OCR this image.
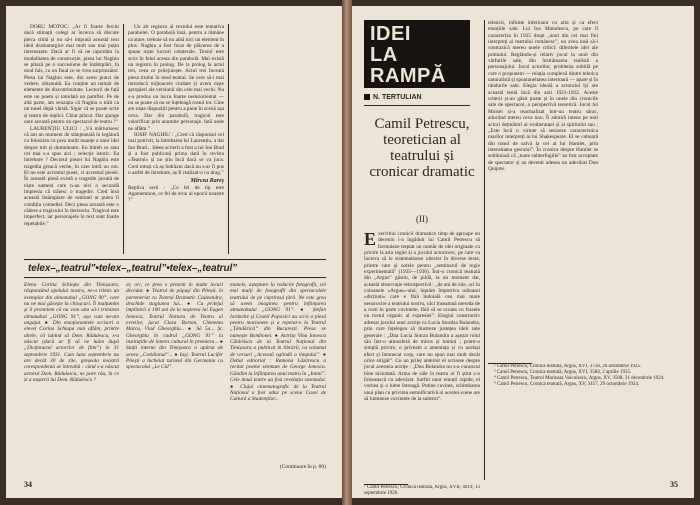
DORU MOTOC: „Ar fi foarte ferciti dacă stimații colegi ar încerca să discute pieca citită și nu să-i impună această text ideii dramaturgice mai mult sau mai puțin interesante. Dacă ar fi să ne raportăm la modalitatea de construcție, piesa lui Naghiu se pliază pe o succesiune de întâmplări, în mod fals, cu un final ce se vrea surprinzător. Piesa lui Naghiu este, din acest punct de vedere, obișnuită. Ea conține un număr de elemente de discontinuitate. Lectorii de față este un poem și totodată un pamflet. Pe de altă parte, am senzația că Naghiu a trăit ca un tunel după vârstă. Sigur că se poate scrie și teatru de replici. Chiar plăcut. Dar ajunge oare această pentru un spectacol de teatru ?”

LAURENȚIU ULICI : „Vă mărturisesc că am un moment de stânjeneală în legătură cu folosirea cu prea mulți nuanțe a unor idei despre mit și domnitoare. Eu întreb ce stau cei mai s-a spus aici ; selecție istoric. Ea întrebare ? Decorul piesei lui Naghiu este tragedia greacă veche, în care intră un om. El nu este accentul pusei, ci accentul piesei. În această piesă există o tragedie juruită de niște oameni care n-au nici o secundă impresia că trăiesc o tragedie. Cred însă această întâmplare de sentinel ar putea fi condiția comediei. Deci piesa această este o cădere a tragicului în derizoriu. Tragicul este imperfect, iar personajele în text sunt foarte repetabile.”

Un alt registru al textului este tentativa parabolei. O parabolă însă, pentru a rămâne ca atare, trebuie să nu aibă nici un element în plus. Naghiu a fost furat de plăcerea de a spune niște lucruri colaterale. Textul este scris în felul acesta din parabolă. Mai există un registru în prolog. De la prolog la actul trei, ceea ce prilejuiește. Actul trei înceată piesa tirului în mod teatral. Se cere să-i mai introducă mijloacele ciudate și avem niște apropieri ale versiunii din cele mai vechi. Nu s-a produs un lucru foarte nedezorientat — nu se poate să nu se înțeleagă rostul lor. Cine are niște dispoziții pentru a pune în scenă așa ceva. Dar din parabolă, tragicul este valorificat prin anumite personaje. Iată unde ne aflăm.”

IOSIF NAGHIU : „Cred că răspunsul cel mai potrivit, la întrebarea lui Laurențiu, a dat Ion Brad... Ideea scrierii a fost a lui Ion Brad și a fost publicată prima dată în revista «Teatrul» și nu știu încă dacă se va juca. Cred totuși că aș îndrăzni dacă nu s-ar fi pus o astfel de întrebare, aș fi realizat-o cu drag.”

Mircea Rareș

Replica serii : „Ce fel de tip este Agamemnon, ce fel de erou al epocii noastre ?”

telex–„teatrul”•telex–„teatrul”•telex–„teatrul”

Elena Corina Schiopu din Timișoara, răspunzând apelului nostru, ne-a trimis un exemplar din almanahul „GONG 90”, care nu ne mai găsește la chioșcuri. Îi mulțumim și îi promitem că nu vom uita să-i trimitem almanahul „GONG 91”, așa cum ne-am angajat. ● Din emoționantele scrisori a elevei Corina Schiopu mai aflăm, printre altele, că iubind să Dem. Rădulescu, s-a născut (dacă ar fi să ne luăm după „Dicționarul actorilor de film”) la 31 septembrie 1931. Cum luna septembrie nu are decât 30 de zile, greșeala noastră corespondentă se întreabă : când s-a născut actorul Dem. Rădulescu, ne pare rău, în ce zi a nașterii lui Dem. Rădulescu ?

ar, ori, ce prea e prezent în multe locuri decedat. ● Teatrul de păpuși din Pitești, în parteneriat cu Teatrul Dramatic Ciuleandra, deschide stagiunea lui... ● Cu prilejul împlinirii a 100 ani de la nașterea lui Eugen Ionescu, Teatrul Nottara de Teatru al evreilor, jucat Clara Bortan, Clementa Marcu, Vlad Gheorghiu... ● Să 5a... Șt. Gheorghiu în cadrul „GONG 91” la instituțiile de interes cultural în premiera... ● Stații interne din Timișoara a apărut de aceea „Cotidianul”... ● Iași. Teatrul Lucifer Pitești a încheiat turneul din Germania cu spectacolul „Le Cid”.

manele, așteptare la redactie fotografii, cei mai mulți de fotografii din spectacolele teatrului de pe cuprinsul țării. Ne este greu să avem imaginea pentru înființarea almanahului „GONG 91”. ● Ștefan Iordache și Costel Popovici au scris o piesă pentru marionete și a repetat-o la Teatrul „Țăndărică” din București. Piesa se numește Bombonel. ● Actrița Vina Ionescu Cătărăscu de la Teatrul Național din Timișoara a publicat în librării, cu volumul de versuri „Această oglindă a timpului”. ● Debut editorial : Ramona Lăzărescu a recitat poeme semnate de George Ionescu. Gândim la înființarea unui teatru în „Inimi”. Cele două teatre au fost revelația sezonului. ● Clujul cinematografic de la Teatrul Național a fost adus pe scena Casei de Cultură a Studenților...

(Continuare în p. 80)
34
IDEI
LA
RAMPĂ
N. TERTULIAN
Camil Petrescu, teoretician al teatrului și cronicar dramatic
(II)

Exercitiul cronicii dramatice timp de aproape un deceniu i-a îngăduit lui Camil Petrescu să formuleze treptat un număr de idei originale cu privire la arta regiei și a jocului actoricesc, pe care va încerca să le sistematizeze ulterior în diverse texte, printre care și notele pentru „seminarul de regie experimentală” (1935—1936). Într-o cronică teatrală din „Argus” găsim, de pildă, la un moment dat, această observație retrospectivă : „de ani de zile, aci în coloanele «Argus»-ului, luptăm împotriva odioasei «dicțiuni» care e fără îndoială cea mai mare nenorocire a teatrului nostru, căci înseamnă metoda de a rosti în parte cuvintele, fără să se scoata cu frazele un rostul organic al expresiei”. Elogiul constructiv adresat jocului unei actrițe ca Lucia Sturdza Bulandra, prin care înțelegea să ilustreze justețea ideii sale generale : „Dna Lucia Sturza Bulandra a așezat rolul său într-o atmosferă de miros și lumini ; printr-o simplă privire, o priveam a amenința și cu același efect și întunecat corp, care nu spun mai mult decât orice strigăt”. Cu un prilej anterior el scrisese despre jocul acesteia actrițe : „Dna Bulandra nu s-a cunoscut bine niciodată. Arma de sâle în teatru ar fi știut s-o folosească cu adevărat. Surful unor emoții rapide, el vorbea și o lume întreagă. Putine cuvinte, schimbarea unui plan cu privirea semnificativă al acestei scene are să lumineze cuvintele de la subtext”.

¹ Camil Petrescu, Cronica teatrală, Argus, XVII, 4019, 13 septembrie 1926.

tehnicii, infinite inferioara cu arta și ca efect emoțiile sale. Lui Ion Manolescu, pe care îl caracteriza în 1925 drept „unul din cei mai fini interpreți ai teatrului românesc”, nu avea insă să-i contrazică mereu unele critici: diferitele idei ale primului. Reglându-și relativ jocul la unul din vârfurile sale, din înstrăinarea realistă a personajului. Jocul actorilor, problema subtilă pe care o propunem — relația complexă dintre tehnica naturalistă și spontaneitatea interioară — apare și în rândurile sale. Elegia ideală a actorului își are această temă încă din anii 1921-1922. Aceste criterii și-au găsit poate și în unele din cronicile sale de spectacol, o perspectivă teoretică. Jocul lui Moisei și-a reactualizat într-un teatru sărac, aducând mereu ceva nou. Îi admiră intens pe unii actori deținători ai exuberanței și ai spiritului sau : „Este încă o virtute să sesizeze caracteristica marilor interpreți ai lui Shakespeare. El se coboară din tonul de salvă la cel al lui Hamlet, prin intensitatea gestului”. În cronica despre Hamlet se subliniază că „toate subterfugiile” au fost acceptate de spectator și au devenit adesea un adevărat Don Quijote.

² Camil Petrescu, Cronica teatrală, Argus, XVI, 3758, 26 octombrie 1925.

³ Camil Petrescu, Cronica teatrală, Argus, XVI, 3584, 2 aprilie 1925.

⁴ Camil Petrescu, Teatrul Marioara Voiculescu, Argus, XV, 3508, 31 decembrie 1924.

⁵ Camil Petrescu, Cronica teatrală, Argus, XV, 3457, 29 octombrie 1924.

35
